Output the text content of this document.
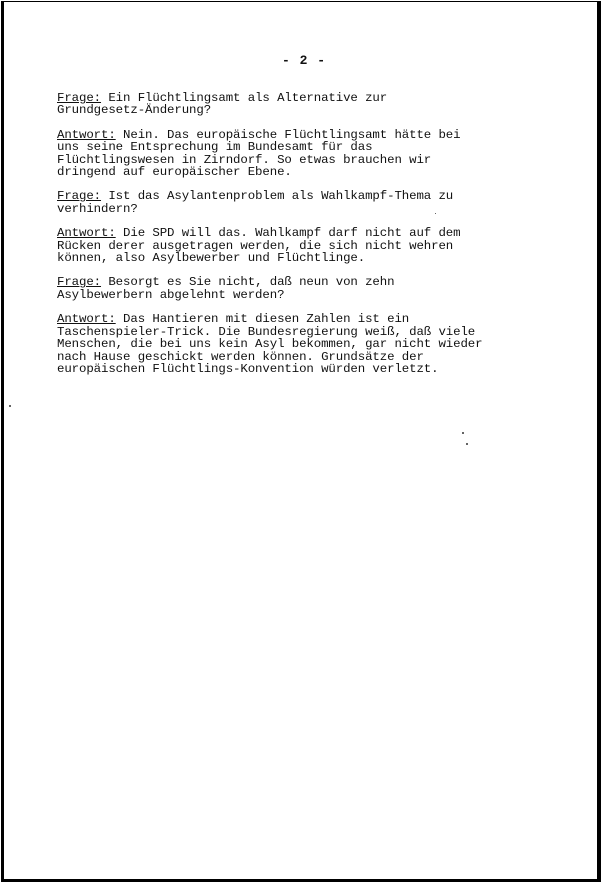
- 2 -

Frage: Ein Flüchtlingsamt als Alternative zur
Grundgesetz-Änderung?

Antwort: Nein. Das europäische Flüchtlingsamt hätte bei
uns seine Entsprechung im Bundesamt für das
Flüchtlingswesen in Zirndorf. So etwas brauchen wir
dringend auf europäischer Ebene.

Frage: Ist das Asylantenproblem als Wahlkampf-Thema zu
verhindern?

Antwort: Die SPD will das. Wahlkampf darf nicht auf dem
Rücken derer ausgetragen werden, die sich nicht wehren
können, also Asylbewerber und Flüchtlinge.

Frage: Besorgt es Sie nicht, daß neun von zehn
Asylbewerbern abgelehnt werden?

Antwort: Das Hantieren mit diesen Zahlen ist ein
Taschenspieler-Trick. Die Bundesregierung weiß, daß viele
Menschen, die bei uns kein Asyl bekommen, gar nicht wieder
nach Hause geschickt werden können. Grundsätze der
europäischen Flüchtlings-Konvention würden verletzt.
